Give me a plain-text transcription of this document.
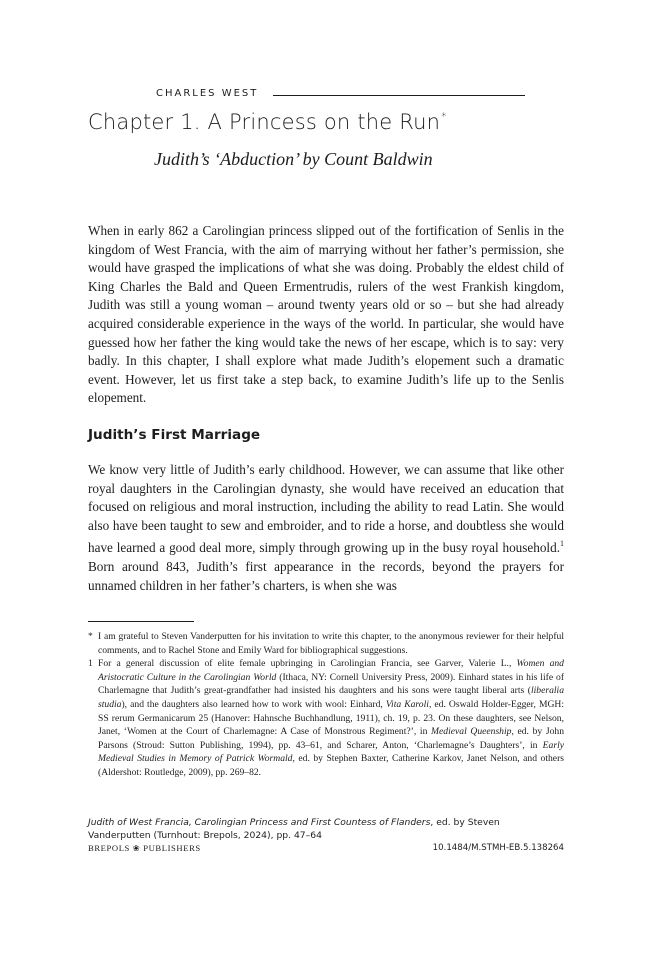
CHARLES WEST
Chapter 1. A Princess on the Run*
Judith’s ‘Abduction’ by Count Baldwin

When in early 862 a Carolingian princess slipped out of the fortification of Senlis in the kingdom of West Francia, with the aim of marrying without her father’s permission, she would have grasped the implications of what she was doing. Probably the eldest child of King Charles the Bald and Queen Ermentrudis, rulers of the west Frankish kingdom, Judith was still a young woman – around twenty years old or so – but she had already acquired considerable experience in the ways of the world. In particular, she would have guessed how her father the king would take the news of her escape, which is to say: very badly. In this chapter, I shall explore what made Judith’s elopement such a dramatic event. However, let us first take a step back, to examine Judith’s life up to the Senlis elopement.

Judith’s First Marriage

We know very little of Judith’s early childhood. However, we can assume that like other royal daughters in the Carolingian dynasty, she would have received an education that focused on religious and moral instruction, including the ability to read Latin. She would also have been taught to sew and embroider, and to ride a horse, and doubtless she would have learned a good deal more, simply through growing up in the busy royal household.$^1$ Born around 843, Judith’s first appearance in the records, beyond the prayers for unnamed children in her father’s charters, is when she was

* I am grateful to Steven Vanderputten for his invitation to write this chapter, to the anonymous reviewer for their helpful comments, and to Rachel Stone and Emily Ward for bibliographical suggestions.
1 For a general discussion of elite female upbringing in Carolingian Francia, see Garver, Valerie L., Women and Aristocratic Culture in the Carolingian World (Ithaca, NY: Cornell University Press, 2009). Einhard states in his life of Charlemagne that Judith’s great-grandfather had insisted his daughters and his sons were taught liberal arts (liberalia studia), and the daughters also learned how to work with wool: Einhard, Vita Karoli, ed. Oswald Holder-Egger, MGH: SS rerum Germanicarum 25 (Hanover: Hahnsche Buchhandlung, 1911), ch. 19, p. 23. On these daughters, see Nelson, Janet, ‘Women at the Court of Charlemagne: A Case of Monstrous Regiment?’, in Medieval Queenship, ed. by John Parsons (Stroud: Sutton Publishing, 1994), pp. 43–61, and Scharer, Anton, ‘Charlemagne’s Daughters’, in Early Medieval Studies in Memory of Patrick Wormald, ed. by Stephen Baxter, Catherine Karkov, Janet Nelson, and others (Aldershot: Routledge, 2009), pp. 269–82.
Judith of West Francia, Carolingian Princess and First Countess of Flanders, ed. by Steven Vanderputten (Turnhout: Brepols, 2024), pp. 47–64
BREPOLS ❀ PUBLISHERS	10.1484/M.STMH-EB.5.138264
